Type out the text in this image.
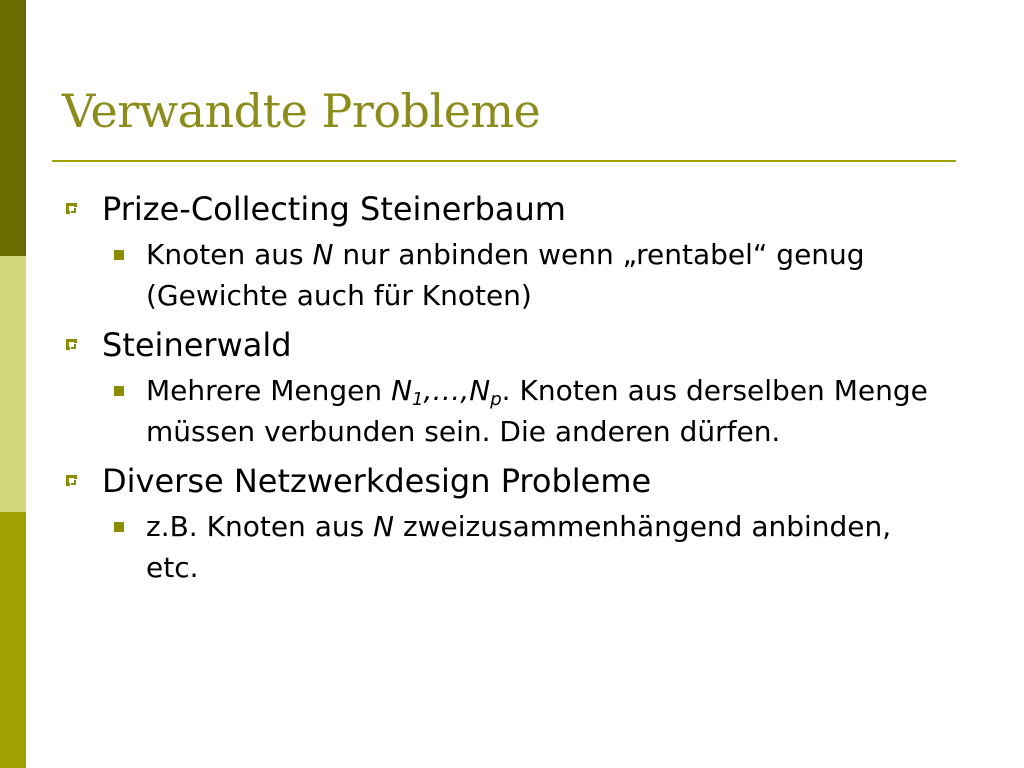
Verwandte Probleme
Prize-Collecting Steinerbaum
Knoten aus N nur anbinden wenn „rentabel“ genug (Gewichte auch für Knoten)
Steinerwald
Mehrere Mengen $N_1,\dots,N_p$. Knoten aus derselben Menge müssen verbunden sein. Die anderen dürfen.
Diverse Netzwerkdesign Probleme
z.B. Knoten aus N zweizusammenhängend anbinden, etc.
